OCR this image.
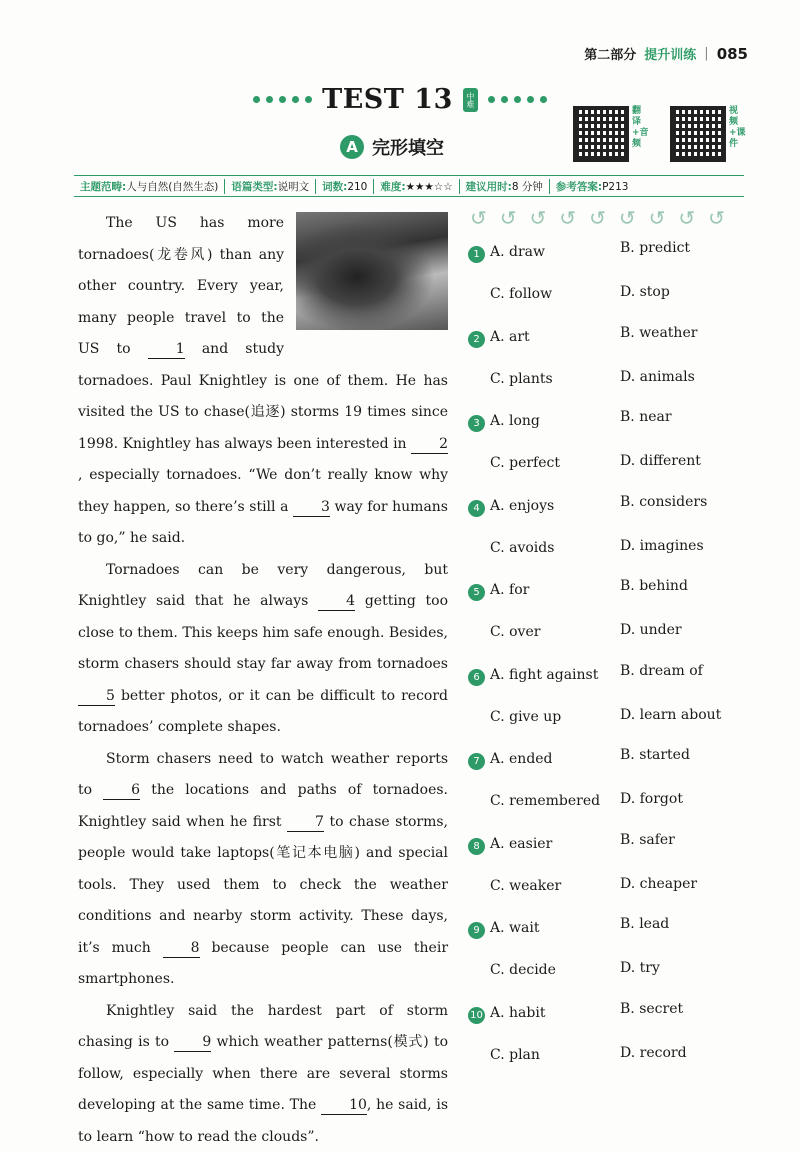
第二部分 提升训练 | 085
TEST 13	中难
A 完形填空
翻译+音频
视频+课件
主题范畴:人与自然(自然生态)	语篇类型:说明文	词数:210	难度:★★★☆☆	建议用时:8 分钟	参考答案:P213

The US has more tornadoes(龙卷风) than any other country. Every year, many people travel to the US to	1 and study tornadoes. Paul Knightley is one of them. He has visited the US to chase(追逐) storms 19 times since 1998. Knightley has always been interested in 2, especially tornadoes. “We don’t really know why they happen, so there’s still a 3 way for humans to go,” he said.

Tornadoes can be very dangerous, but Knightley said that he always	4 getting too close to them. This keeps him safe enough. Besides, storm chasers should stay far away from tornadoes 5 better photos, or it can be difficult to record tornadoes’ complete shapes.

Storm chasers need to watch weather reports to	6 the locations and paths of tornadoes. Knightley said when he first 7 to chase storms, people would take laptops(笔记本电脑) and special tools. They used them to check the weather conditions and nearby storm activity. These days, it’s much	8 because people can use their smartphones.

Knightley said the hardest part of storm chasing is to 9 which weather patterns(模式) to follow, especially when there are several storms developing at the same time. The 10, he said, is to learn “how to read the clouds”.

↺ ↺ ↺ ↺ ↺ ↺ ↺ ↺ ↺
1 A. draw	B. predict
C. follow	D. stop
2 A. art	B. weather
C. plants	D. animals
3 A. long	B. near
C. perfect	D. different
4 A. enjoys	B. considers
C. avoids	D. imagines
5 A. for	B. behind
C. over	D. under
6 A. fight against B. dream of
C. give up	D. learn about
7 A. ended	B. started
C. remembered D. forgot
8 A. easier	B. safer
C. weaker	D. cheaper
9 A. wait	B. lead
C. decide	D. try
10 A. habit	B. secret
C. plan	D. record
